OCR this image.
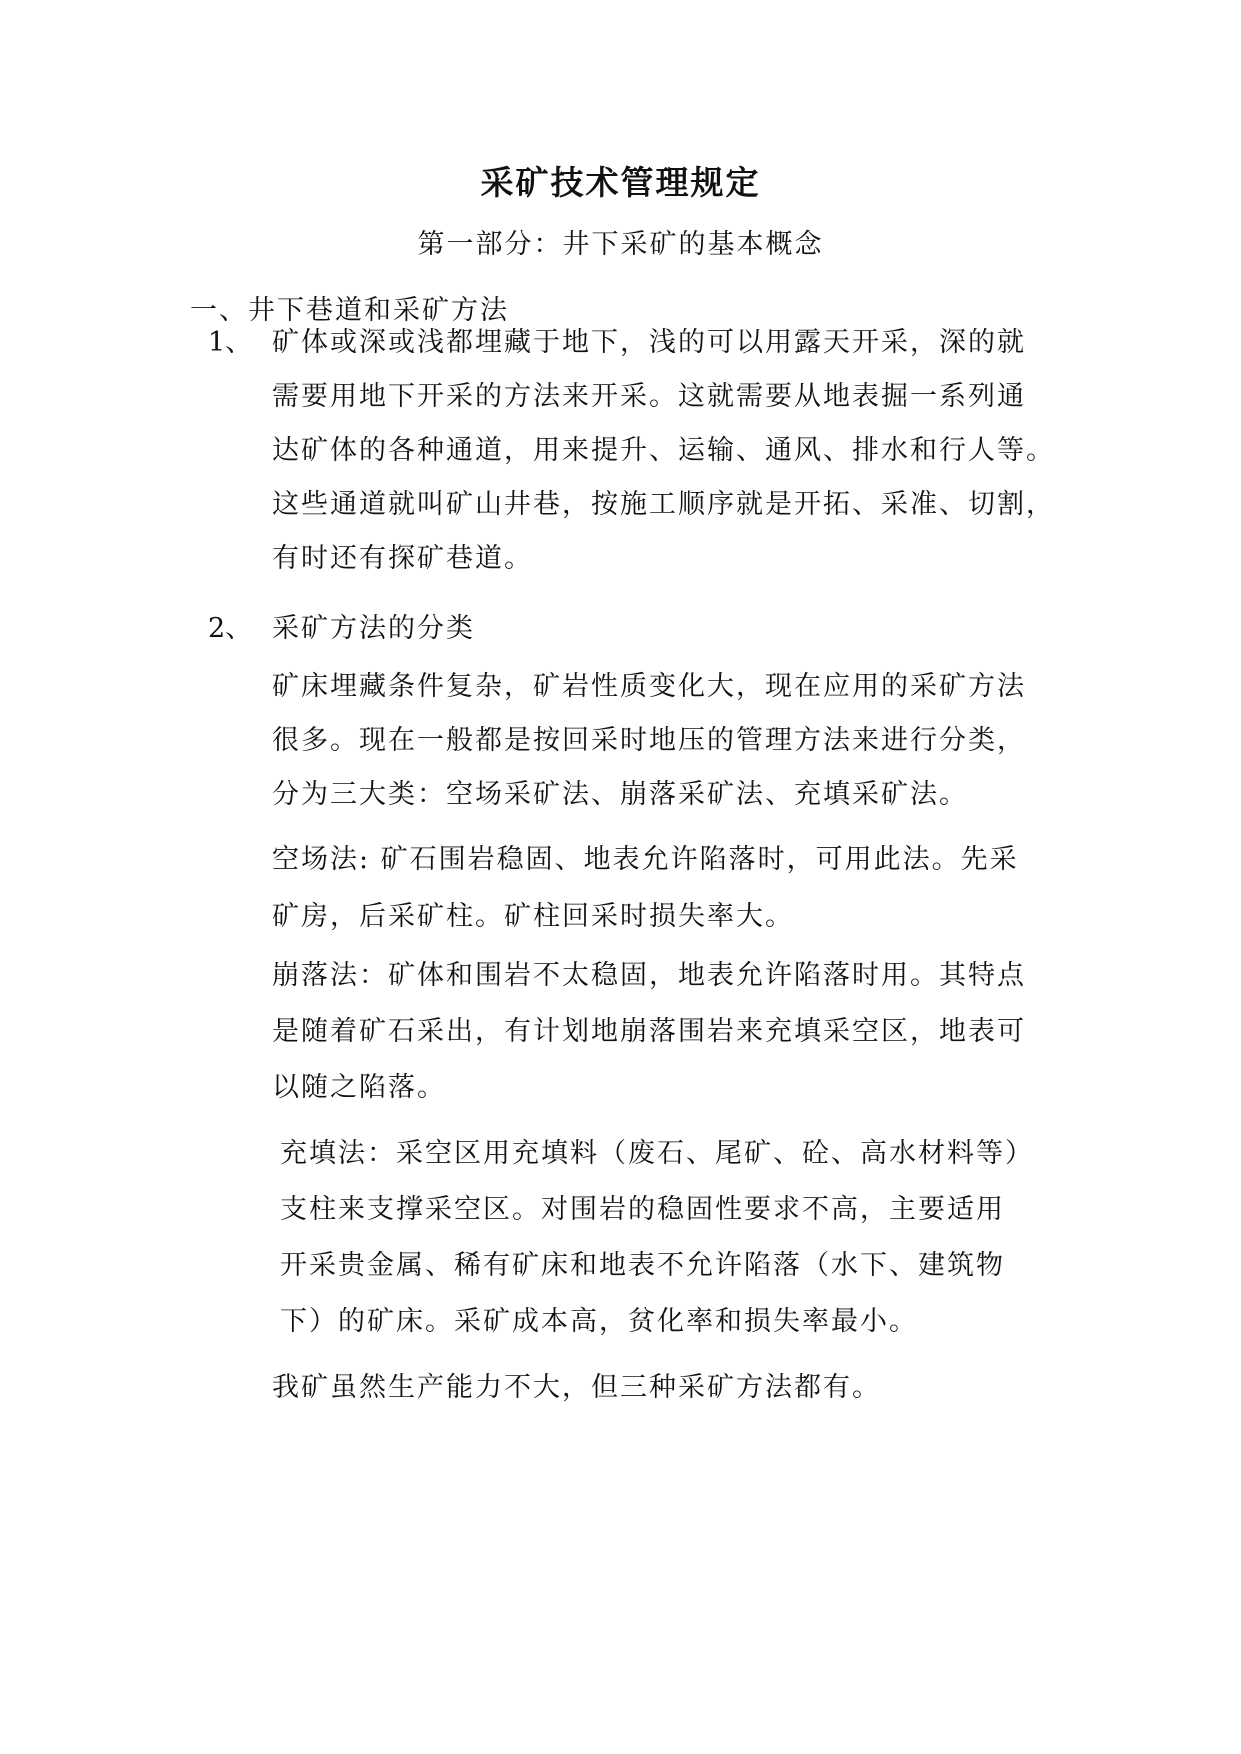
采矿技术管理规定
第一部分：井下采矿的基本概念
一、井下巷道和采矿方法
1、 矿体或深或浅都埋藏于地下，浅的可以用露天开采，深的就
需要用地下开采的方法来开采。这就需要从地表掘一系列通
达矿体的各种通道，用来提升、运输、通风、排水和行人等。
这些通道就叫矿山井巷，按施工顺序就是开拓、采准、切割，
有时还有探矿巷道。
2、 采矿方法的分类
矿床埋藏条件复杂，矿岩性质变化大，现在应用的采矿方法
很多。现在一般都是按回采时地压的管理方法来进行分类，
分为三大类：空场采矿法、崩落采矿法、充填采矿法。
空场法: 矿石围岩稳固、地表允许陷落时，可用此法。先采
矿房，后采矿柱。矿柱回采时损失率大。
崩落法：矿体和围岩不太稳固，地表允许陷落时用。其特点
是随着矿石采出，有计划地崩落围岩来充填采空区，地表可
以随之陷落。
充填法：采空区用充填料（废石、尾矿、砼、高水材料等）
支柱来支撑采空区。对围岩的稳固性要求不高，主要适用
开采贵金属、稀有矿床和地表不允许陷落（水下、建筑物
下）的矿床。采矿成本高，贫化率和损失率最小。
我矿虽然生产能力不大，但三种采矿方法都有。
